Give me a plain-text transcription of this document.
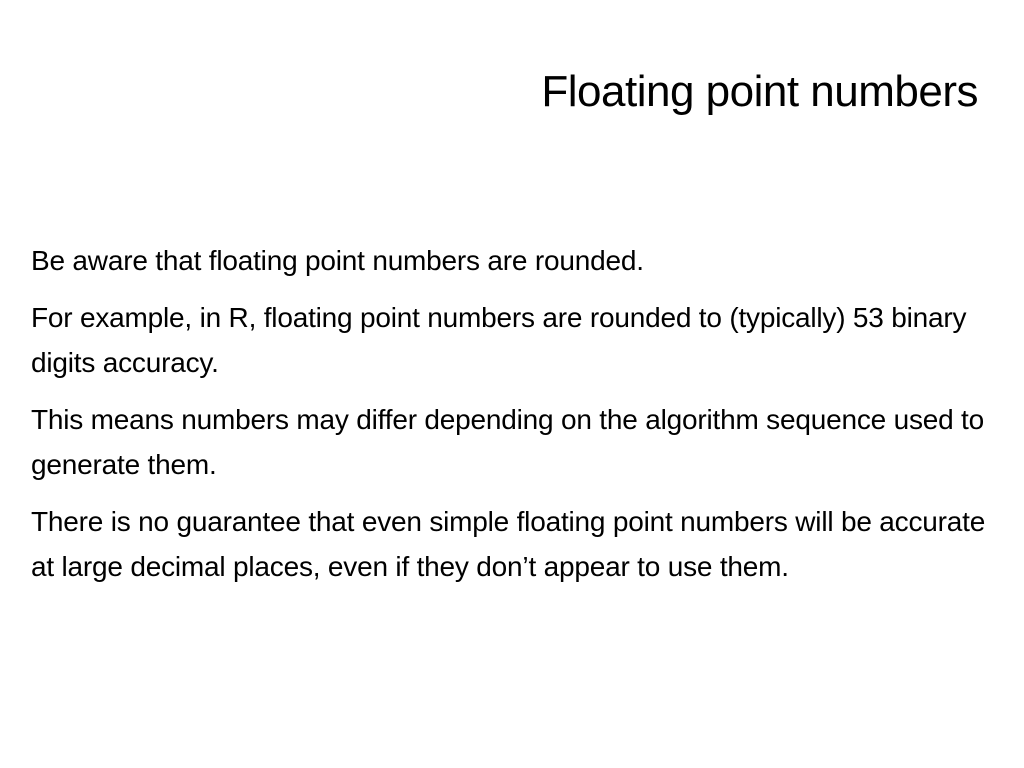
Floating point numbers

Be aware that floating point numbers are rounded.

For example, in R, floating point numbers are rounded to (typically) 53 binary digits accuracy.

This means numbers may differ depending on the algorithm sequence used to generate them.

There is no guarantee that even simple floating point numbers will be accurate at large decimal places, even if they don’t appear to use them.
